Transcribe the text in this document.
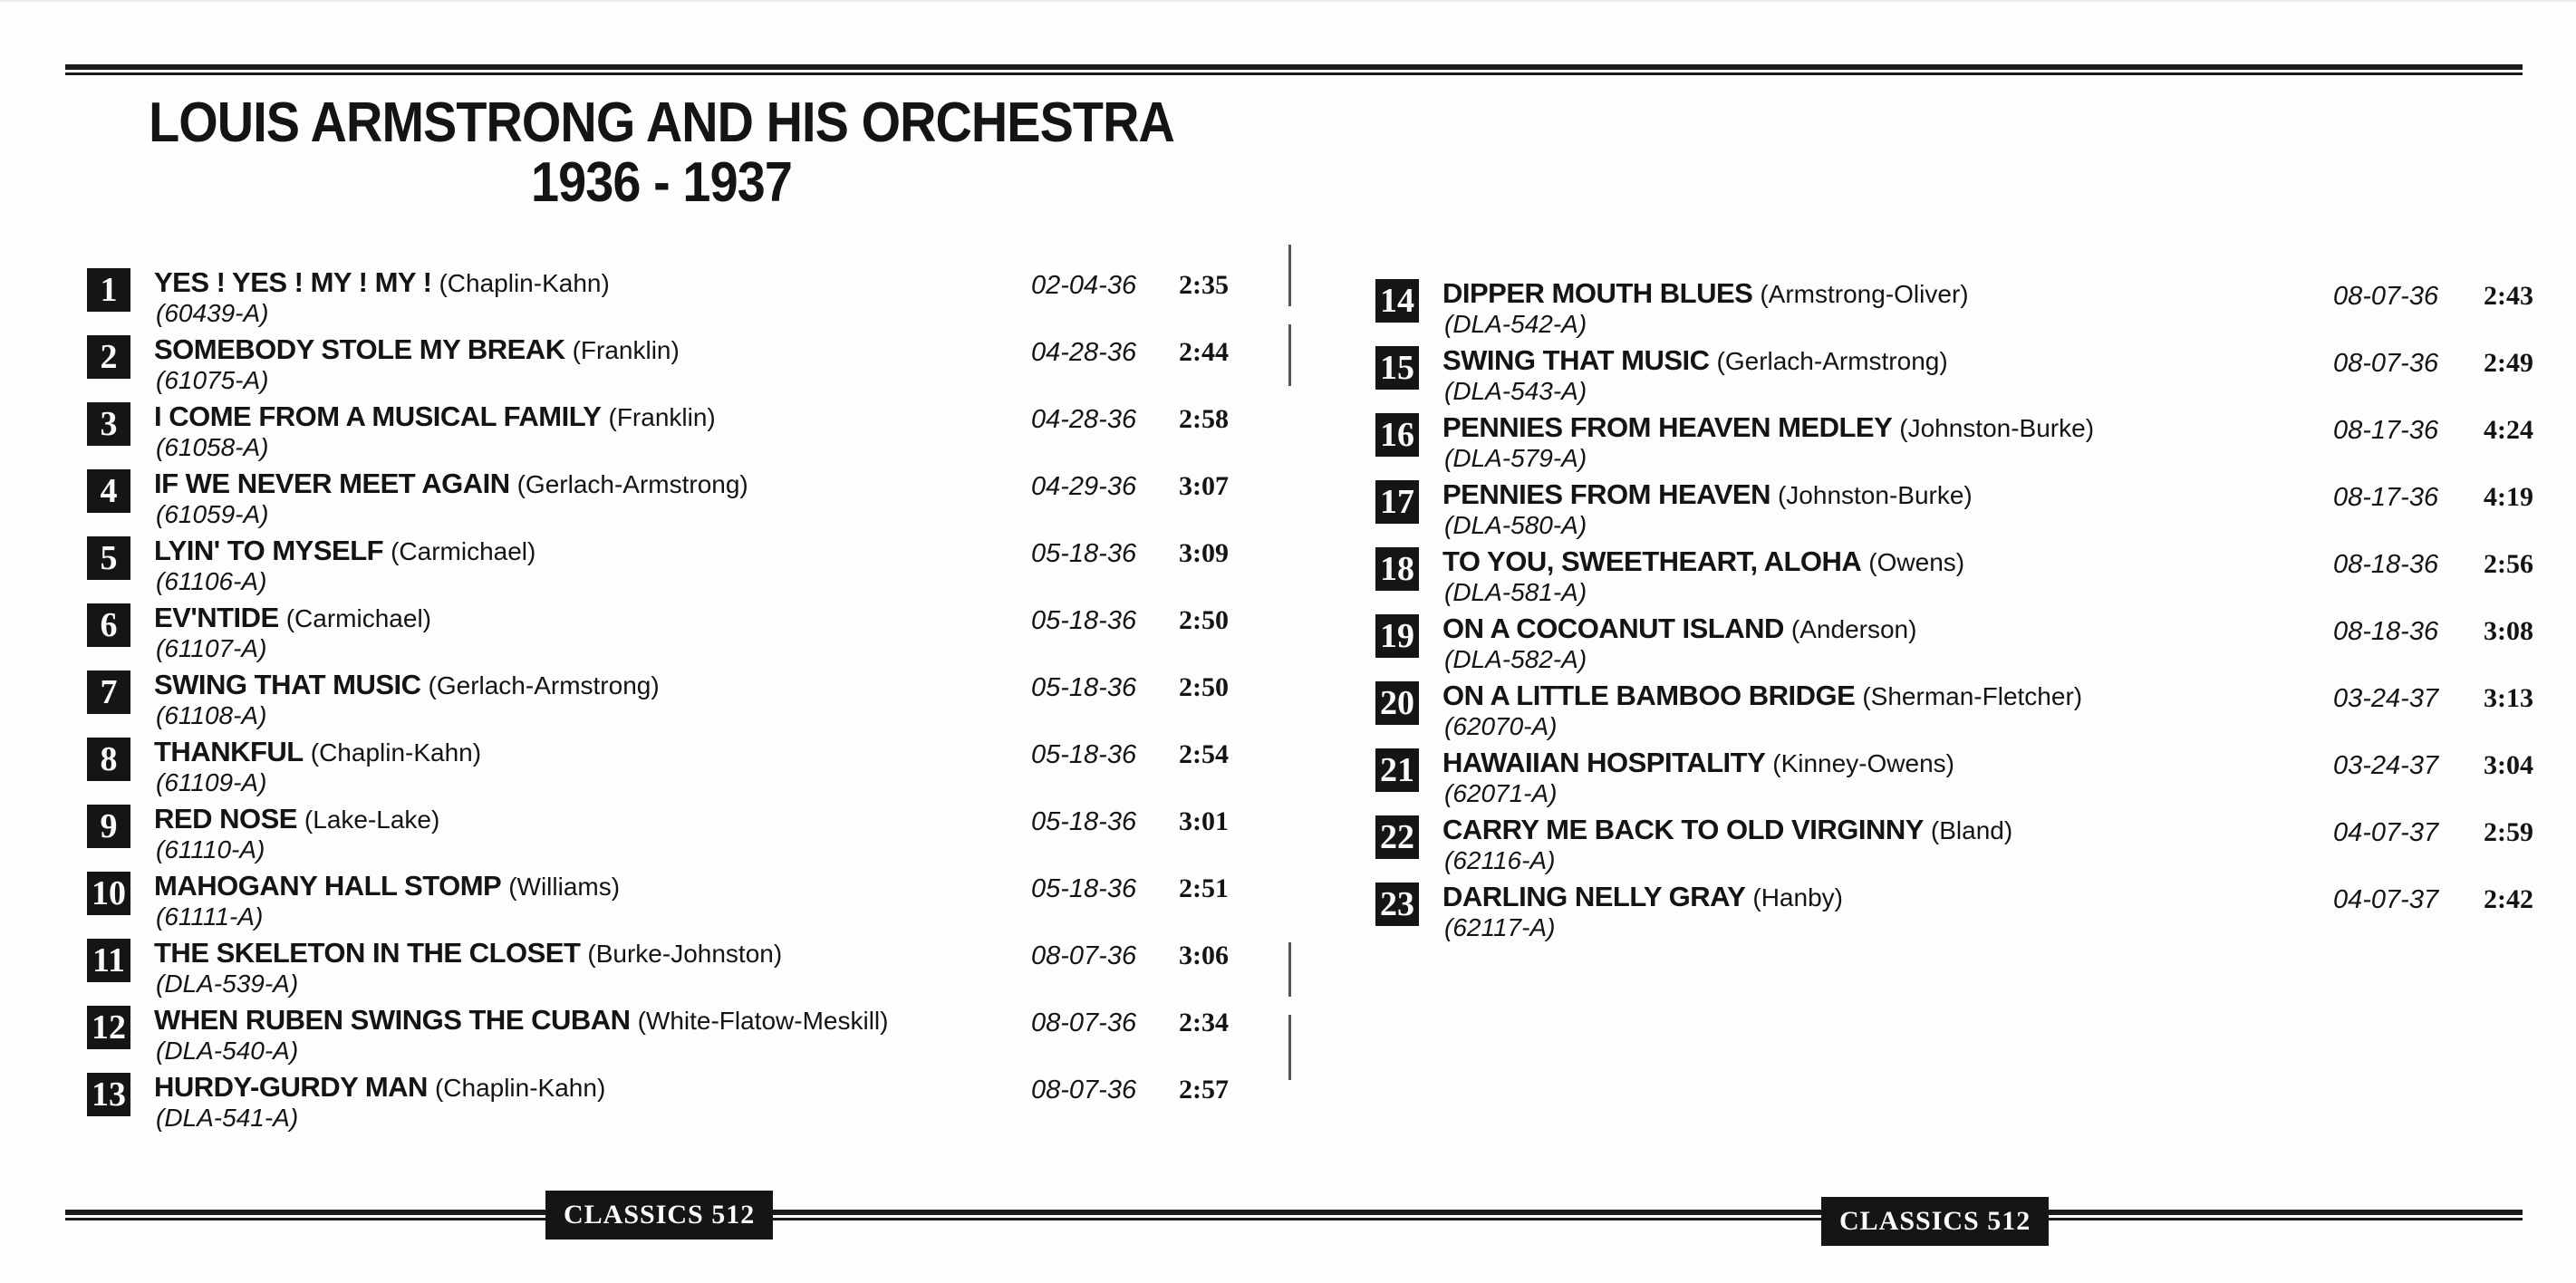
LOUIS ARMSTRONG AND HIS ORCHESTRA
1936 - 1937
1	YES ! YES ! MY ! MY ! (Chaplin-Kahn)
(60439-A)
02-04-36 2:35
2	SOMEBODY STOLE MY BREAK (Franklin)
(61075-A)
04-28-36 2:44
3	I COME FROM A MUSICAL FAMILY (Franklin)
(61058-A)
04-28-36 2:58
4	IF WE NEVER MEET AGAIN (Gerlach-Armstrong)
(61059-A)
04-29-36 3:07
5	LYIN' TO MYSELF (Carmichael)
(61106-A)
05-18-36 3:09
6	EV'NTIDE (Carmichael)
(61107-A)
05-18-36 2:50
7	SWING THAT MUSIC (Gerlach-Armstrong)
(61108-A)
05-18-36 2:50
8	THANKFUL (Chaplin-Kahn)
(61109-A)
05-18-36 2:54
9	RED NOSE (Lake-Lake)
(61110-A)
05-18-36 3:01
10 MAHOGANY HALL STOMP (Williams)
(61111-A)
05-18-36 2:51
11 THE SKELETON IN THE CLOSET (Burke-Johnston)
(DLA-539-A)
08-07-36 3:06
12 WHEN RUBEN SWINGS THE CUBAN (White-Flatow-Meskill)
(DLA-540-A)
08-07-36 2:34
13 HURDY-GURDY MAN (Chaplin-Kahn)
(DLA-541-A)
08-07-36 2:57
CLASSICS 512
14 DIPPER MOUTH BLUES (Armstrong-Oliver)
(DLA-542-A)
08-07-36 2:43
15 SWING THAT MUSIC (Gerlach-Armstrong)
(DLA-543-A)
08-07-36 2:49
16 PENNIES FROM HEAVEN MEDLEY (Johnston-Burke)
(DLA-579-A)
08-17-36 4:24
17 PENNIES FROM HEAVEN (Johnston-Burke)
(DLA-580-A)
08-17-36 4:19
18 TO YOU, SWEETHEART, ALOHA (Owens)
(DLA-581-A)
08-18-36 2:56
19 ON A COCOANUT ISLAND (Anderson)
(DLA-582-A)
08-18-36 3:08
20 ON A LITTLE BAMBOO BRIDGE (Sherman-Fletcher)
(62070-A)
03-24-37 3:13
21 HAWAIIAN HOSPITALITY (Kinney-Owens)
(62071-A)
03-24-37 3:04
22 CARRY ME BACK TO OLD VIRGINNY (Bland)
(62116-A)
04-07-37 2:59
23 DARLING NELLY GRAY (Hanby)
(62117-A)
04-07-37 2:42
CLASSICS 512
